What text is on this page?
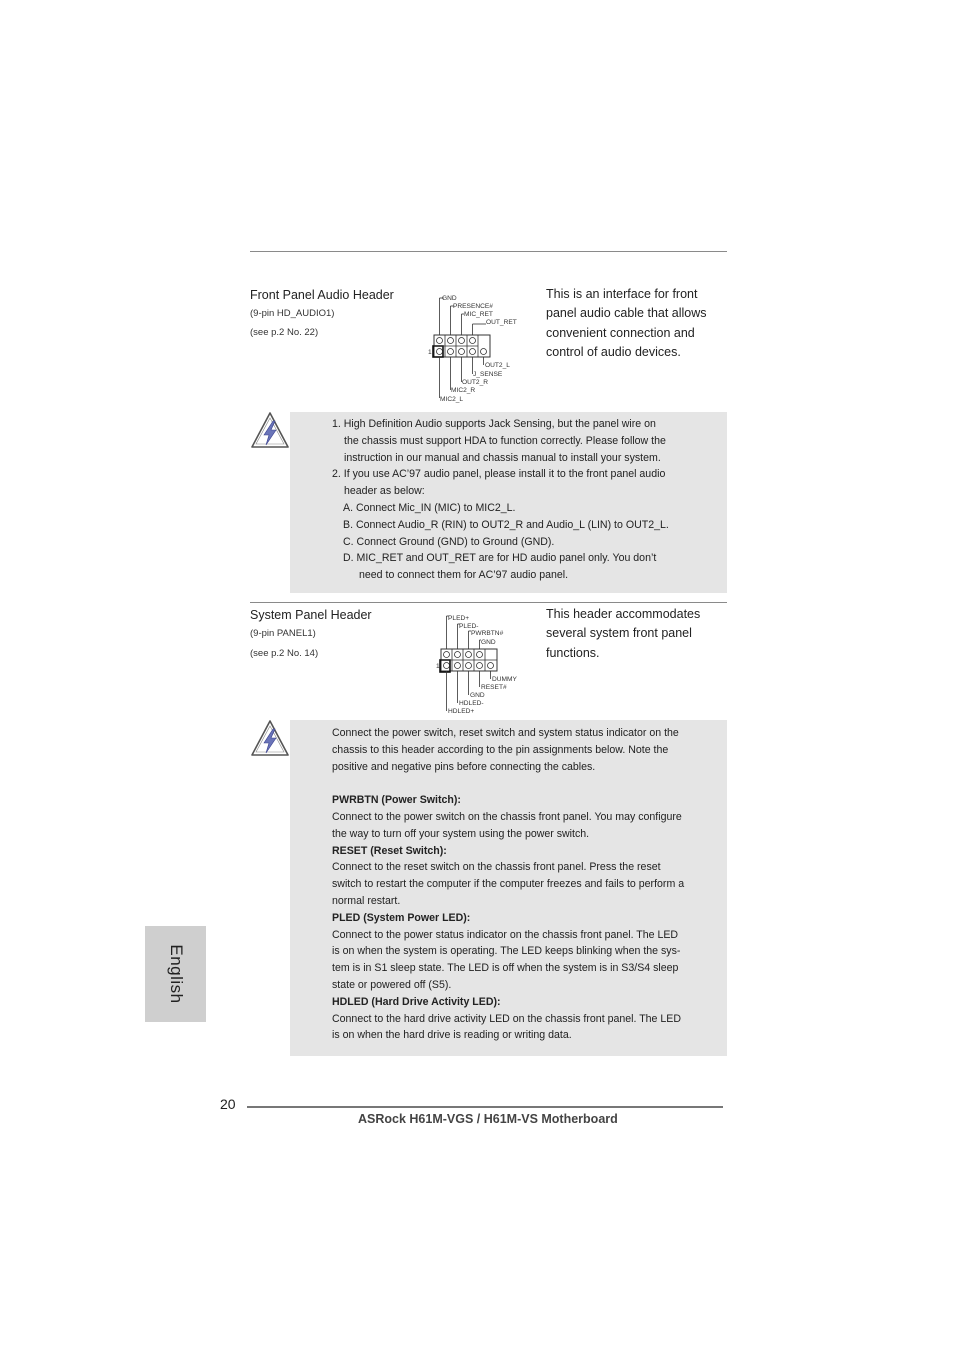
Front Panel Audio Header
(9-pin HD_AUDIO1)
(see p.2 No. 22)
GND
PRESENCE#
MIC_RET
OUT_RET
1
OUT2_L
J_SENSE
OUT2_R
MIC2_R
MIC2_L
This is an interface for front
panel audio cable that allows
convenient connection and
control of audio devices.
1. High Definition Audio supports Jack Sensing, but the panel wire on
the chassis must support HDA to function correctly. Please follow the
instruction in our manual and chassis manual to install your system.
2. If you use AC’97 audio panel, please install it to the front panel audio
header as below:
A. Connect Mic_IN (MIC) to MIC2_L.
B. Connect Audio_R (RIN) to OUT2_R and Audio_L (LIN) to OUT2_L.
C. Connect Ground (GND) to Ground (GND).
D. MIC_RET and OUT_RET are for HD audio panel only. You don’t
need to connect them for AC’97 audio panel.
System Panel Header
(9-pin PANEL1)
(see p.2 No. 14)
PLED+
PLED-
PWRBTN#
GND
1
DUMMY
RESET#
GND
HDLED-
HDLED+
This header accommodates
several system front panel
functions.
Connect the power switch, reset switch and system status indicator on the
chassis to this header according to the pin assignments below. Note the
positive and negative pins before connecting the cables.
PWRBTN (Power Switch):
Connect to the power switch on the chassis front panel. You may configure
the way to turn off your system using the power switch.
RESET (Reset Switch):
Connect to the reset switch on the chassis front panel. Press the reset
switch to restart the computer if the computer freezes and fails to perform a
normal restart.
PLED (System Power LED):
Connect to the power status indicator on the chassis front panel. The LED
is on when the system is operating. The LED keeps blinking when the sys-
tem is in S1 sleep state. The LED is off when the system is in S3/S4 sleep
state or powered off (S5).
HDLED (Hard Drive Activity LED):
Connect to the hard drive activity LED on the chassis front panel. The LED
is on when the hard drive is reading or writing data.
English
20
ASRock H61M-VGS / H61M-VS Motherboard
